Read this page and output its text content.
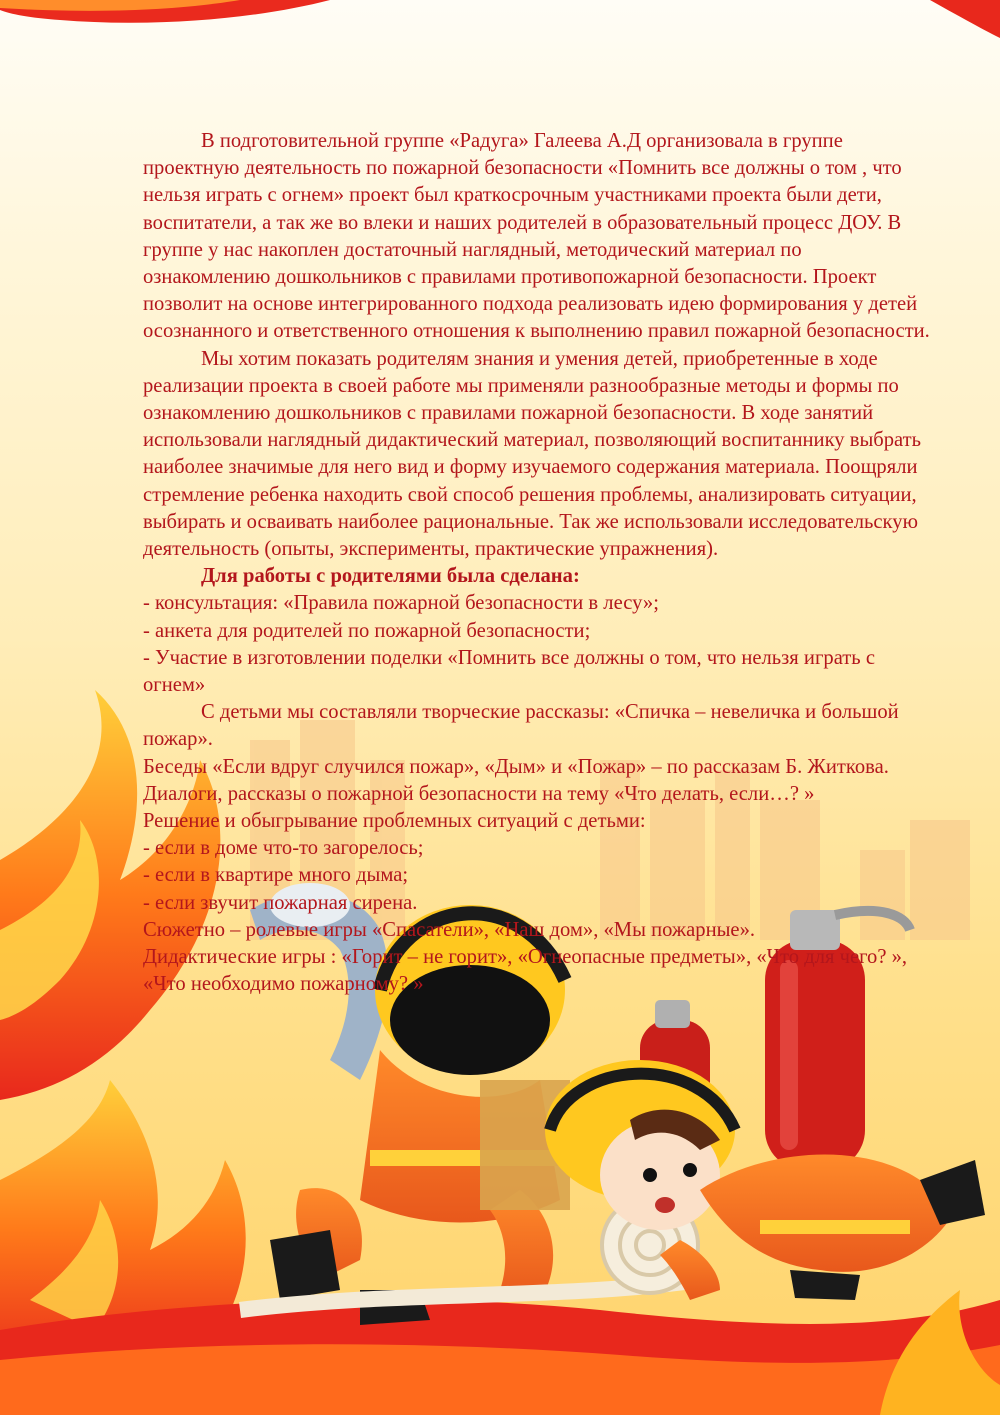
В подготовительной группе «Радуга» Галеева А.Д организовала в группе проектную деятельность по пожарной безопасности «Помнить все должны о том , что нельзя играть с огнем» проект был краткосрочным участниками проекта были дети, воспитатели, а так же во влеки и наших родителей в образовательный процесс ДОУ. В группе у нас накоплен достаточный наглядный, методический материал по ознакомлению дошкольников с правилами противопожарной безопасности. Проект позволит на основе интегрированного подхода реализовать идею формирования у детей осознанного и ответственного отношения к выполнению правил пожарной безопасности.

Мы хотим показать родителям знания и умения детей, приобретенные в ходе реализации проекта в своей работе мы применяли разнообразные методы и формы по ознакомлению дошкольников с правилами пожарной безопасности. В ходе занятий использовали наглядный дидактический материал, позволяющий воспитаннику выбрать наиболее значимые для него вид и форму изучаемого содержания материала. Поощряли стремление ребенка находить свой способ решения проблемы, анализировать ситуации, выбирать и осваивать наиболее рациональные. Так же использовали исследовательскую деятельность (опыты, эксперименты, практические упражнения).

Для работы с родителями была сделана:

- консультация: «Правила пожарной безопасности в лесу»;

- анкета для родителей по пожарной безопасности;

- Участие в изготовлении поделки «Помнить все должны о том, что нельзя играть с огнем»

С детьми мы составляли творческие рассказы: «Спичка – невеличка и большой пожар».

Беседы «Если вдруг случился пожар», «Дым» и «Пожар» – по рассказам Б. Житкова.

Диалоги, рассказы о пожарной безопасности на тему «Что делать, если…? »

Решение и обыгрывание проблемных ситуаций с детьми:

- если в доме что-то загорелось;

- если в квартире много дыма;

- если звучит пожарная сирена.

Сюжетно – ролевые игры «Спасатели», «Наш дом», «Мы пожарные».

Дидактические игры : «Горит – не горит», «Огнеопасные предметы», «Что для чего? », «Что необходимо пожарному? »
